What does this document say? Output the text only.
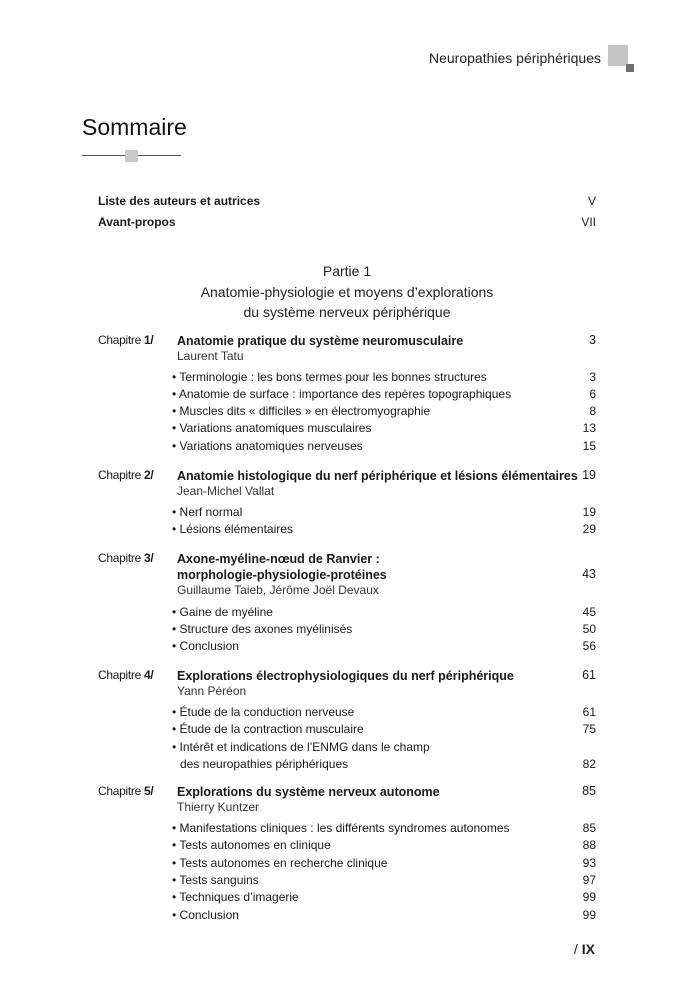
Neuropathies périphériques
Sommaire
Liste des auteurs et autrices	V
Avant-propos	VII
Partie 1
Anatomie-physiologie et moyens d’explorations
du système nerveux périphérique
Chapitre 1/ Anatomie pratique du système neuromusculaire	3
Laurent Tatu
• Terminologie : les bons termes pour les bonnes structures	3
• Anatomie de surface : importance des repères topographiques	6
• Muscles dits « difficiles » en électromyographie	8
• Variations anatomiques musculaires	13
• Variations anatomiques nerveuses	15
Chapitre 2/ Anatomie histologique du nerf périphérique et lésions élémentaires 19
Jean-Michel Vallat
• Nerf normal	19
• Lésions élémentaires	29
Chapitre 3/ Axone-myéline-nœud de Ranvier :
morphologie-physiologie-protéines	43
Guillaume Taieb, Jérôme Joël Devaux
• Gaine de myéline	45
• Structure des axones myélinisés	50
• Conclusion	56
Chapitre 4/ Explorations électrophysiologiques du nerf périphérique	61
Yann Péréon
• Étude de la conduction nerveuse	61
• Étude de la contraction musculaire	75
• Intérêt et indications de l’ENMG dans le champ
des neuropathies périphériques	82
Chapitre 5/ Explorations du système nerveux autonome	85
Thierry Kuntzer
• Manifestations cliniques : les différents syndromes autonomes	85
• Tests autonomes en clinique	88
• Tests autonomes en recherche clinique	93
• Tests sanguins	97
• Techniques d’imagerie	99
• Conclusion	99
/ IX
